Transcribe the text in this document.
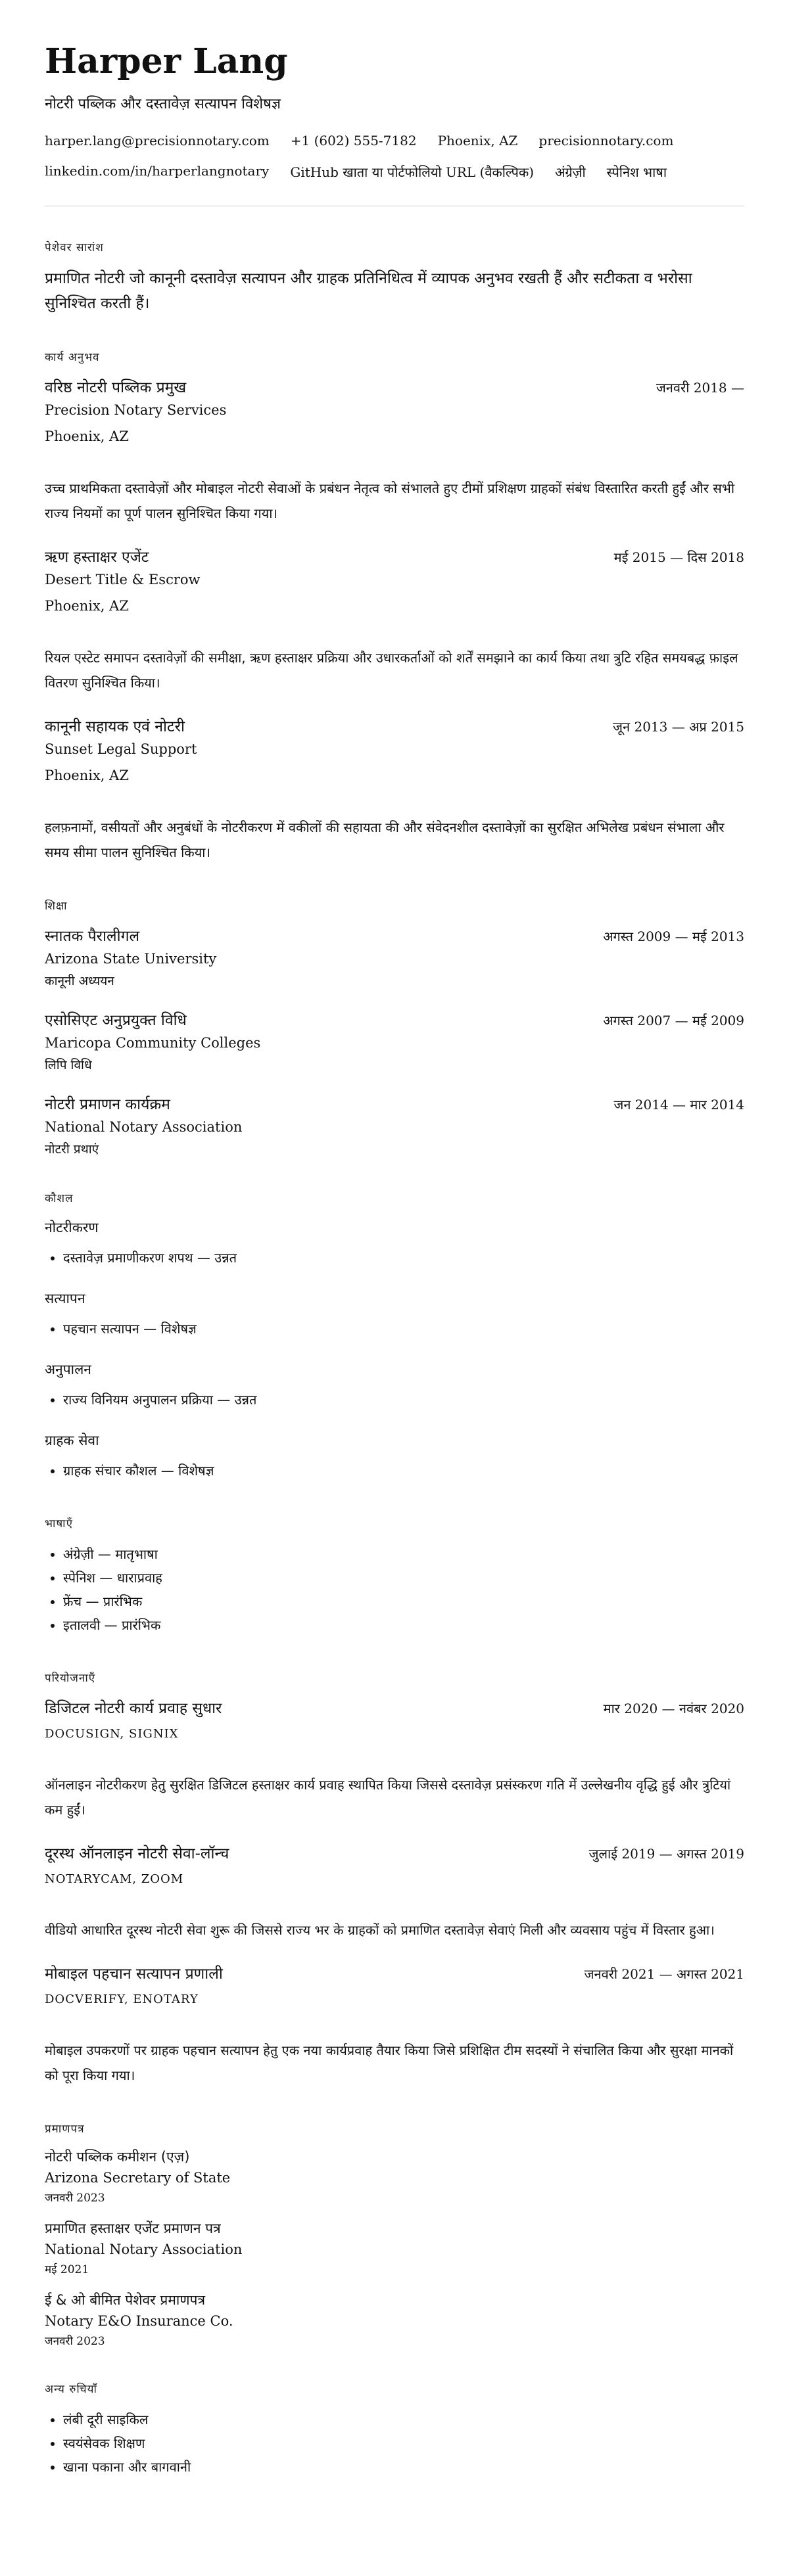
Harper Lang
नोटरी पब्लिक और दस्तावेज़ सत्यापन विशेषज्ञ
harper.lang@precisionnotary.com +1 (602) 555-7182 Phoenix, AZ precisionnotary.com
linkedin.com/in/harperlangnotary GitHub खाता या पोर्टफोलियो URL (वैकल्पिक) अंग्रेज़ी स्पेनिश भाषा
पेशेवर सारांश

प्रमाणित नोटरी जो कानूनी दस्तावेज़ सत्यापन और ग्राहक प्रतिनिधित्व में व्यापक अनुभव रखती हैं और सटीकता व भरोसा सुनिश्चित करती हैं।

कार्य अनुभव
वरिष्ठ नोटरी पब्लिक प्रमुख	जनवरी 2018 —
Precision Notary Services
Phoenix, AZ
उच्च प्राथमिकता दस्तावेज़ों और मोबाइल नोटरी सेवाओं के प्रबंधन नेतृत्व को संभालते हुए टीमों प्रशिक्षण ग्राहकों संबंध विस्तारित करती हुईं और सभी राज्य नियमों का पूर्ण पालन सुनिश्चित किया गया।
ऋण हस्ताक्षर एजेंट	मई 2015 — दिस 2018
Desert Title & Escrow
Phoenix, AZ
रियल एस्टेट समापन दस्तावेज़ों की समीक्षा, ऋण हस्ताक्षर प्रक्रिया और उधारकर्ताओं को शर्तें समझाने का कार्य किया तथा त्रुटि रहित समयबद्ध फ़ाइल वितरण सुनिश्चित किया।
कानूनी सहायक एवं नोटरी	जून 2013 — अप्र 2015
Sunset Legal Support
Phoenix, AZ
हलफ़नामों, वसीयतों और अनुबंधों के नोटरीकरण में वकीलों की सहायता की और संवेदनशील दस्तावेज़ों का सुरक्षित अभिलेख प्रबंधन संभाला और समय सीमा पालन सुनिश्चित किया।
शिक्षा
स्नातक पैरालीगल	अगस्त 2009 — मई 2013
Arizona State University
कानूनी अध्ययन
एसोसिएट अनुप्रयुक्त विधि	अगस्त 2007 — मई 2009
Maricopa Community Colleges
लिपि विधि
नोटरी प्रमाणन कार्यक्रम	जन 2014 — मार 2014
National Notary Association
नोटरी प्रथाएं
कौशल
नोटरीकरण
• दस्तावेज़ प्रमाणीकरण शपथ — उन्नत
सत्यापन
• पहचान सत्यापन — विशेषज्ञ
अनुपालन
• राज्य विनियम अनुपालन प्रक्रिया — उन्नत
ग्राहक सेवा
• ग्राहक संचार कौशल — विशेषज्ञ
भाषाएँ
• अंग्रेज़ी — मातृभाषा
• स्पेनिश — धाराप्रवाह
• फ्रेंच — प्रारंभिक
• इतालवी — प्रारंभिक
परियोजनाएँ
डिजिटल नोटरी कार्य प्रवाह सुधार	मार 2020 — नवंबर 2020
DOCUSIGN, SIGNIX
ऑनलाइन नोटरीकरण हेतु सुरक्षित डिजिटल हस्ताक्षर कार्य प्रवाह स्थापित किया जिससे दस्तावेज़ प्रसंस्करण गति में उल्लेखनीय वृद्धि हुई और त्रुटियां कम हुईं।
दूरस्थ ऑनलाइन नोटरी सेवा-लॉन्च	जुलाई 2019 — अगस्त 2019
NOTARYCAM, ZOOM
वीडियो आधारित दूरस्थ नोटरी सेवा शुरू की जिससे राज्य भर के ग्राहकों को प्रमाणित दस्तावेज़ सेवाएं मिली और व्यवसाय पहुंच में विस्तार हुआ।
मोबाइल पहचान सत्यापन प्रणाली	जनवरी 2021 — अगस्त 2021
DOCVERIFY, ENOTARY
मोबाइल उपकरणों पर ग्राहक पहचान सत्यापन हेतु एक नया कार्यप्रवाह तैयार किया जिसे प्रशिक्षित टीम सदस्यों ने संचालित किया और सुरक्षा मानकों को पूरा किया गया।
प्रमाणपत्र
नोटरी पब्लिक कमीशन (एज़)
Arizona Secretary of State
जनवरी 2023
प्रमाणित हस्ताक्षर एजेंट प्रमाणन पत्र
National Notary Association
मई 2021
ई & ओ बीमित पेशेवर प्रमाणपत्र
Notary E&O Insurance Co.
जनवरी 2023
अन्य रुचियाँ
• लंबी दूरी साइकिल
• स्वयंसेवक शिक्षण
• खाना पकाना और बागवानी
